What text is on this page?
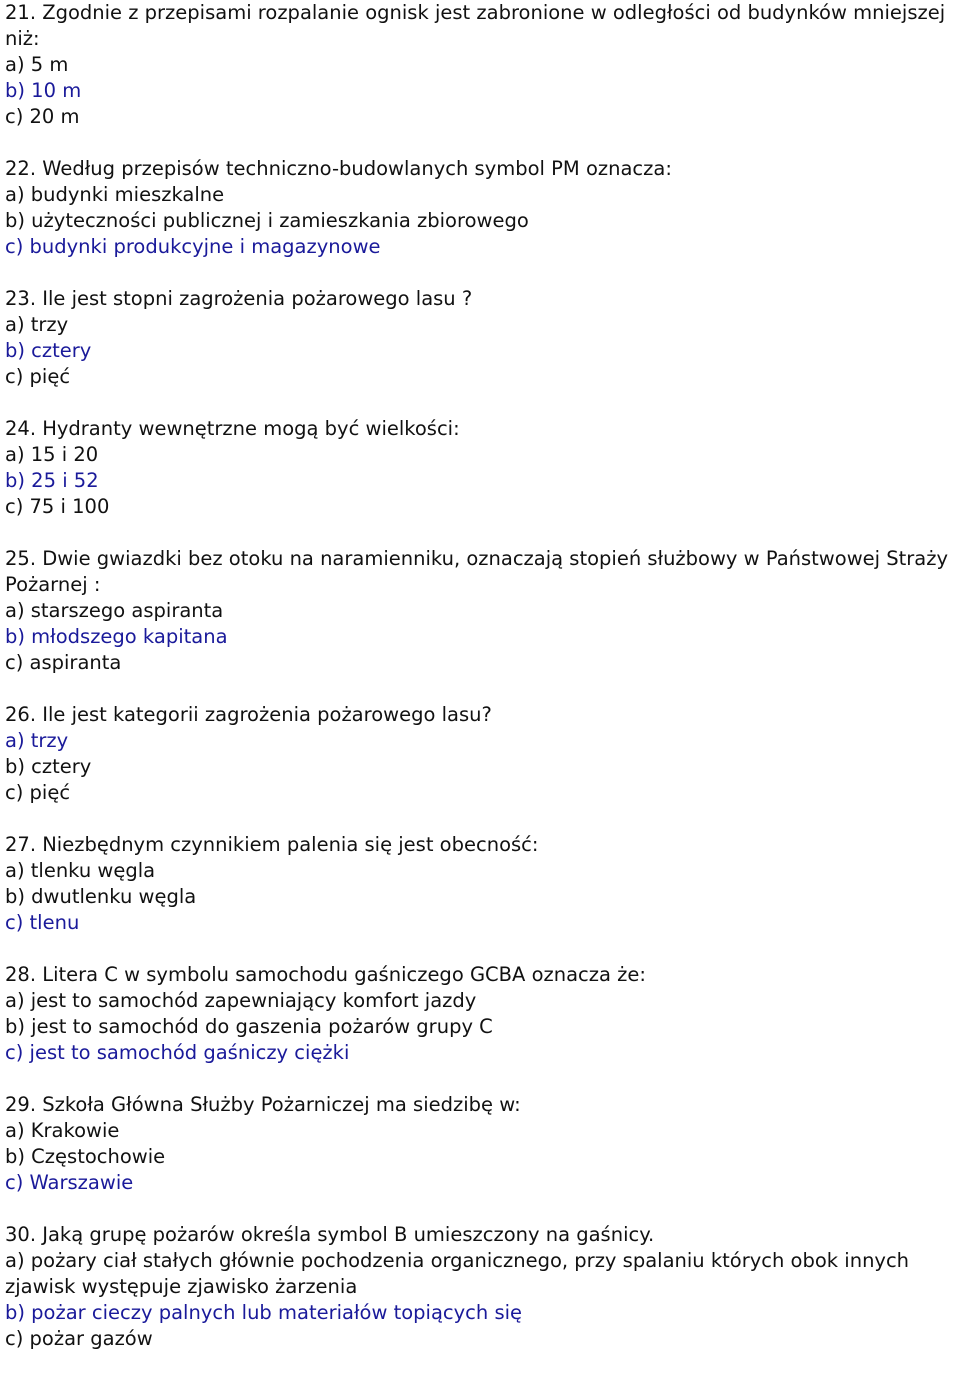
21. Zgodnie z przepisami rozpalanie ognisk jest zabronione w odległości od budynków mniejszej niż:

a) 5 m

b) 10 m

c) 20 m

22. Według przepisów techniczno-budowlanych symbol PM oznacza:

a) budynki mieszkalne

b) użyteczności publicznej i zamieszkania zbiorowego

c) budynki produkcyjne i magazynowe

23. Ile jest stopni zagrożenia pożarowego lasu ?

a) trzy

b) cztery

c) pięć

24. Hydranty wewnętrzne mogą być wielkości:

a) 15 i 20

b) 25 i 52

c) 75 i 100

25. Dwie gwiazdki bez otoku na naramienniku, oznaczają stopień służbowy w Państwowej Straży Pożarnej :

a) starszego aspiranta

b) młodszego kapitana

c) aspiranta

26. Ile jest kategorii zagrożenia pożarowego lasu?

a) trzy

b) cztery

c) pięć

27. Niezbędnym czynnikiem palenia się jest obecność:

a) tlenku węgla

b) dwutlenku węgla

c) tlenu

28. Litera C w symbolu samochodu gaśniczego GCBA oznacza że:

a) jest to samochód zapewniający komfort jazdy

b) jest to samochód do gaszenia pożarów grupy C

c) jest to samochód gaśniczy ciężki

29. Szkoła Główna Służby Pożarniczej ma siedzibę w:

a) Krakowie

b) Częstochowie

c) Warszawie

30. Jaką grupę pożarów określa symbol B umieszczony na gaśnicy.

a) pożary ciał stałych głównie pochodzenia organicznego, przy spalaniu których obok innych zjawisk występuje zjawisko żarzenia

b) pożar cieczy palnych lub materiałów topiących się

c) pożar gazów
